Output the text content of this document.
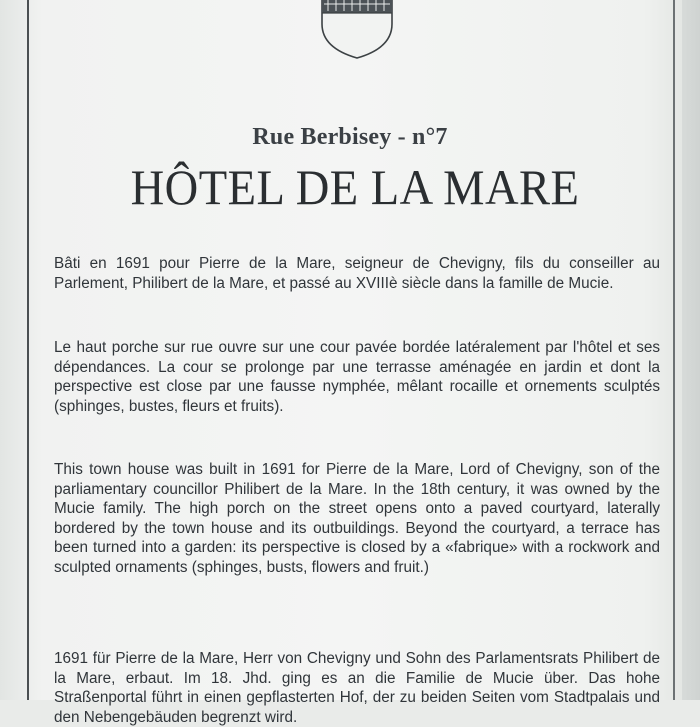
Rue Berbisey - n°7
HÔTEL DE LA MARE

Bâti en 1691 pour Pierre de la Mare, seigneur de Chevigny, fils du conseiller au Parlement, Philibert de la Mare, et passé au XVIIIè siècle dans la famille de Mucie.

Le haut porche sur rue ouvre sur une cour pavée bordée latéralement par l'hôtel et ses dépendances. La cour se prolonge par une terrasse aménagée en jardin et dont la perspective est close par une fausse nymphée, mêlant rocaille et ornements sculptés (sphinges, bustes, fleurs et fruits).

This town house was built in 1691 for Pierre de la Mare, Lord of Chevigny, son of the parliamentary councillor Philibert de la Mare. In the 18th century, it was owned by the Mucie family. The high porch on the street opens onto a paved courtyard, laterally bordered by the town house and its outbuildings. Beyond the courtyard, a terrace has been turned into a garden: its perspective is closed by a «fabrique» with a rockwork and sculpted ornaments (sphinges, busts, flowers and fruit.)

1691 für Pierre de la Mare, Herr von Chevigny und Sohn des Parlamentsrats Philibert de la Mare, erbaut. Im 18. Jhd. ging es an die Familie de Mucie über. Das hohe Straßenportal führt in einen gepflasterten Hof, der zu beiden Seiten vom Stadtpalais und den Nebengebäuden begrenzt wird.
